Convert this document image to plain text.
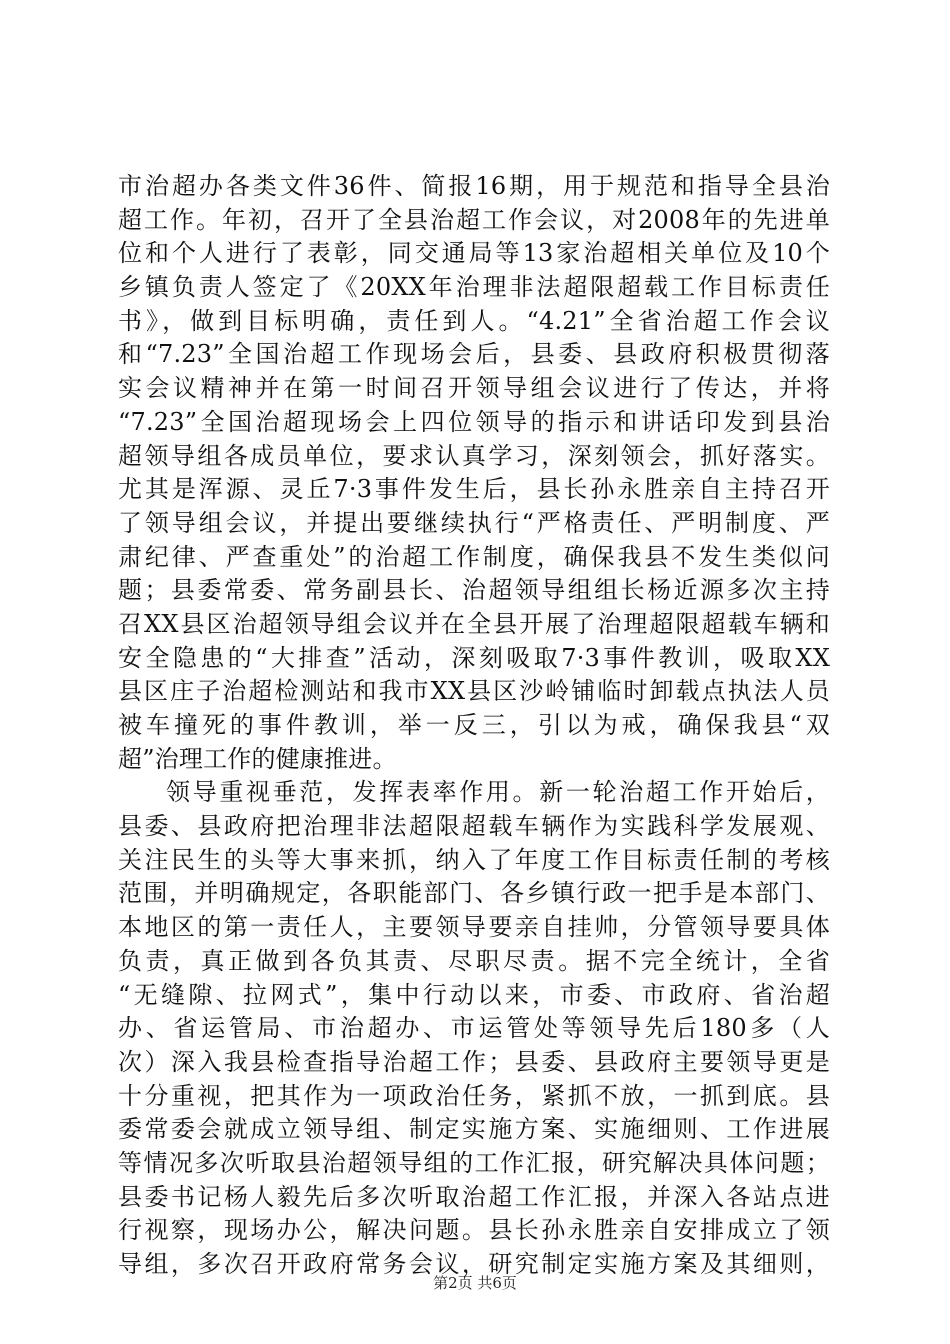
市治超办各类文件36件、简报16期，用于规范和指导全县治
超工作。年初，召开了全县治超工作会议，对2008年的先进单
位和个人进行了表彰，同交通局等13家治超相关单位及10个
乡镇负责人签定了《20XX年治理非法超限超载工作目标责任
书》，做到目标明确，责任到人。“4.21”全省治超工作会议
和“7.23”全国治超工作现场会后，县委、县政府积极贯彻落
实会议精神并在第一时间召开领导组会议进行了传达，并将
“7.23”全国治超现场会上四位领导的指示和讲话印发到县治
超领导组各成员单位，要求认真学习，深刻领会，抓好落实。
尤其是浑源、灵丘7·3事件发生后，县长孙永胜亲自主持召开
了领导组会议，并提出要继续执行“严格责任、严明制度、严
肃纪律、严查重处”的治超工作制度，确保我县不发生类似问
题；县委常委、常务副县长、治超领导组组长杨近源多次主持
召XX县区治超领导组会议并在全县开展了治理超限超载车辆和
安全隐患的“大排查”活动，深刻吸取7·3事件教训，吸取XX
县区庄子治超检测站和我市XX县区沙岭铺临时卸载点执法人员
被车撞死的事件教训，举一反三，引以为戒，确保我县“双
超”治理工作的健康推进。
领导重视垂范，发挥表率作用。新一轮治超工作开始后，
县委、县政府把治理非法超限超载车辆作为实践科学发展观、
关注民生的头等大事来抓，纳入了年度工作目标责任制的考核
范围，并明确规定，各职能部门、各乡镇行政一把手是本部门、
本地区的第一责任人，主要领导要亲自挂帅，分管领导要具体
负责，真正做到各负其责、尽职尽责。据不完全统计，全省
“无缝隙、拉网式”，集中行动以来，市委、市政府、省治超
办、省运管局、市治超办、市运管处等领导先后180多（人
次）深入我县检查指导治超工作；县委、县政府主要领导更是
十分重视，把其作为一项政治任务，紧抓不放，一抓到底。县
委常委会就成立领导组、制定实施方案、实施细则、工作进展
等情况多次听取县治超领导组的工作汇报，研究解决具体问题；
县委书记杨人毅先后多次听取治超工作汇报，并深入各站点进
行视察，现场办公，解决问题。县长孙永胜亲自安排成立了领
导组，多次召开政府常务会议，研究制定实施方案及其细则，
第2页 共6页
